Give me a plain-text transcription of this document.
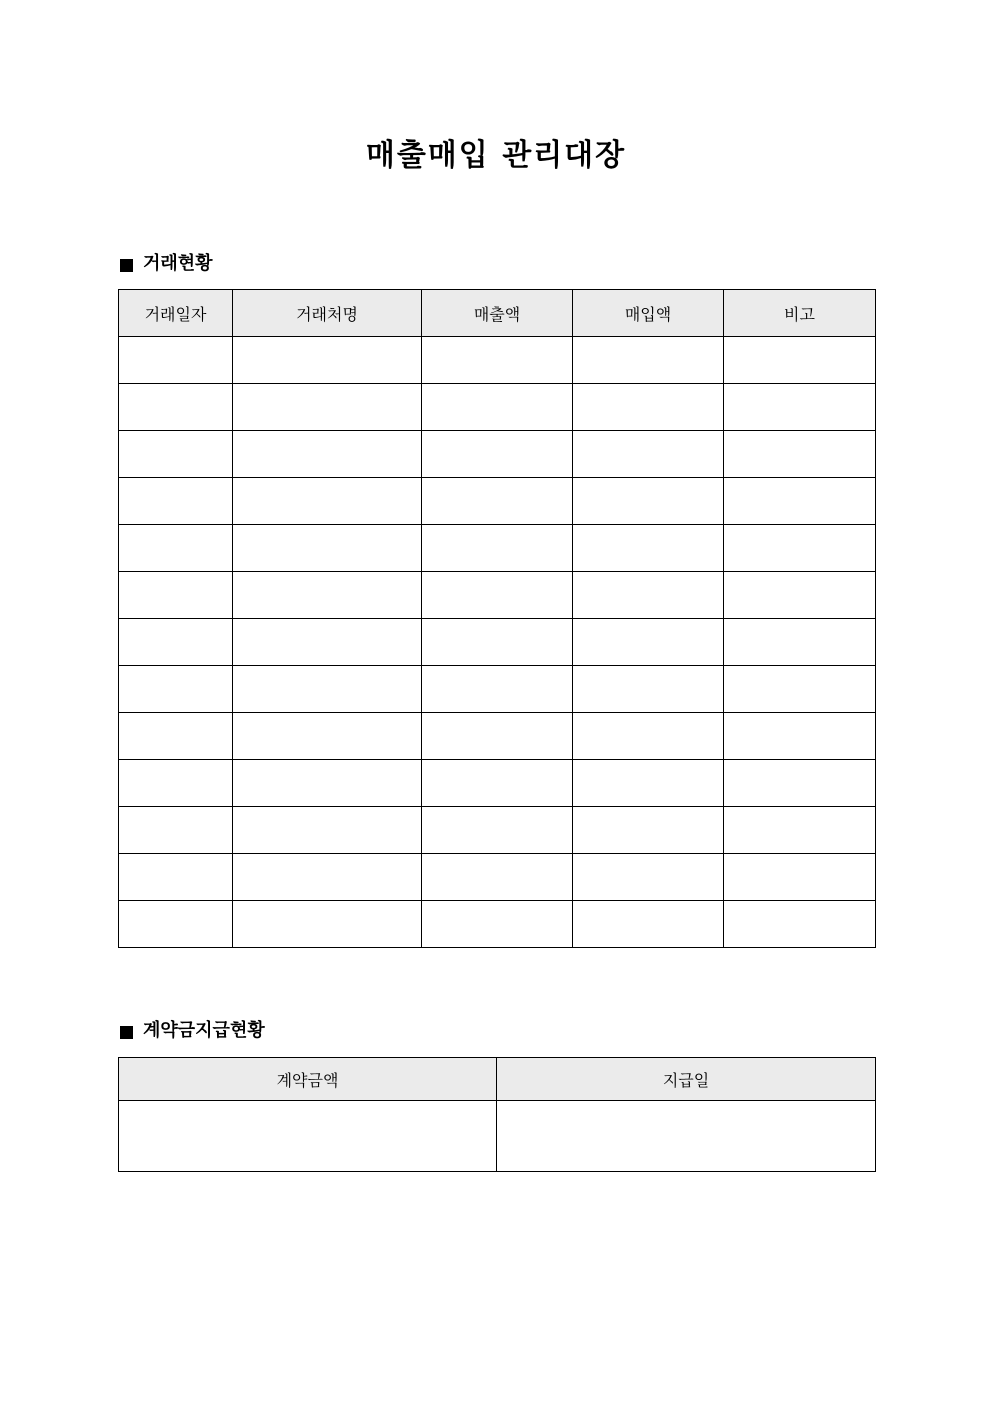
매출매입 관리대장
거래현황
거래일자	거래처명	매출액	매입액	비고

계약금지급현황
계약금액	지급일
